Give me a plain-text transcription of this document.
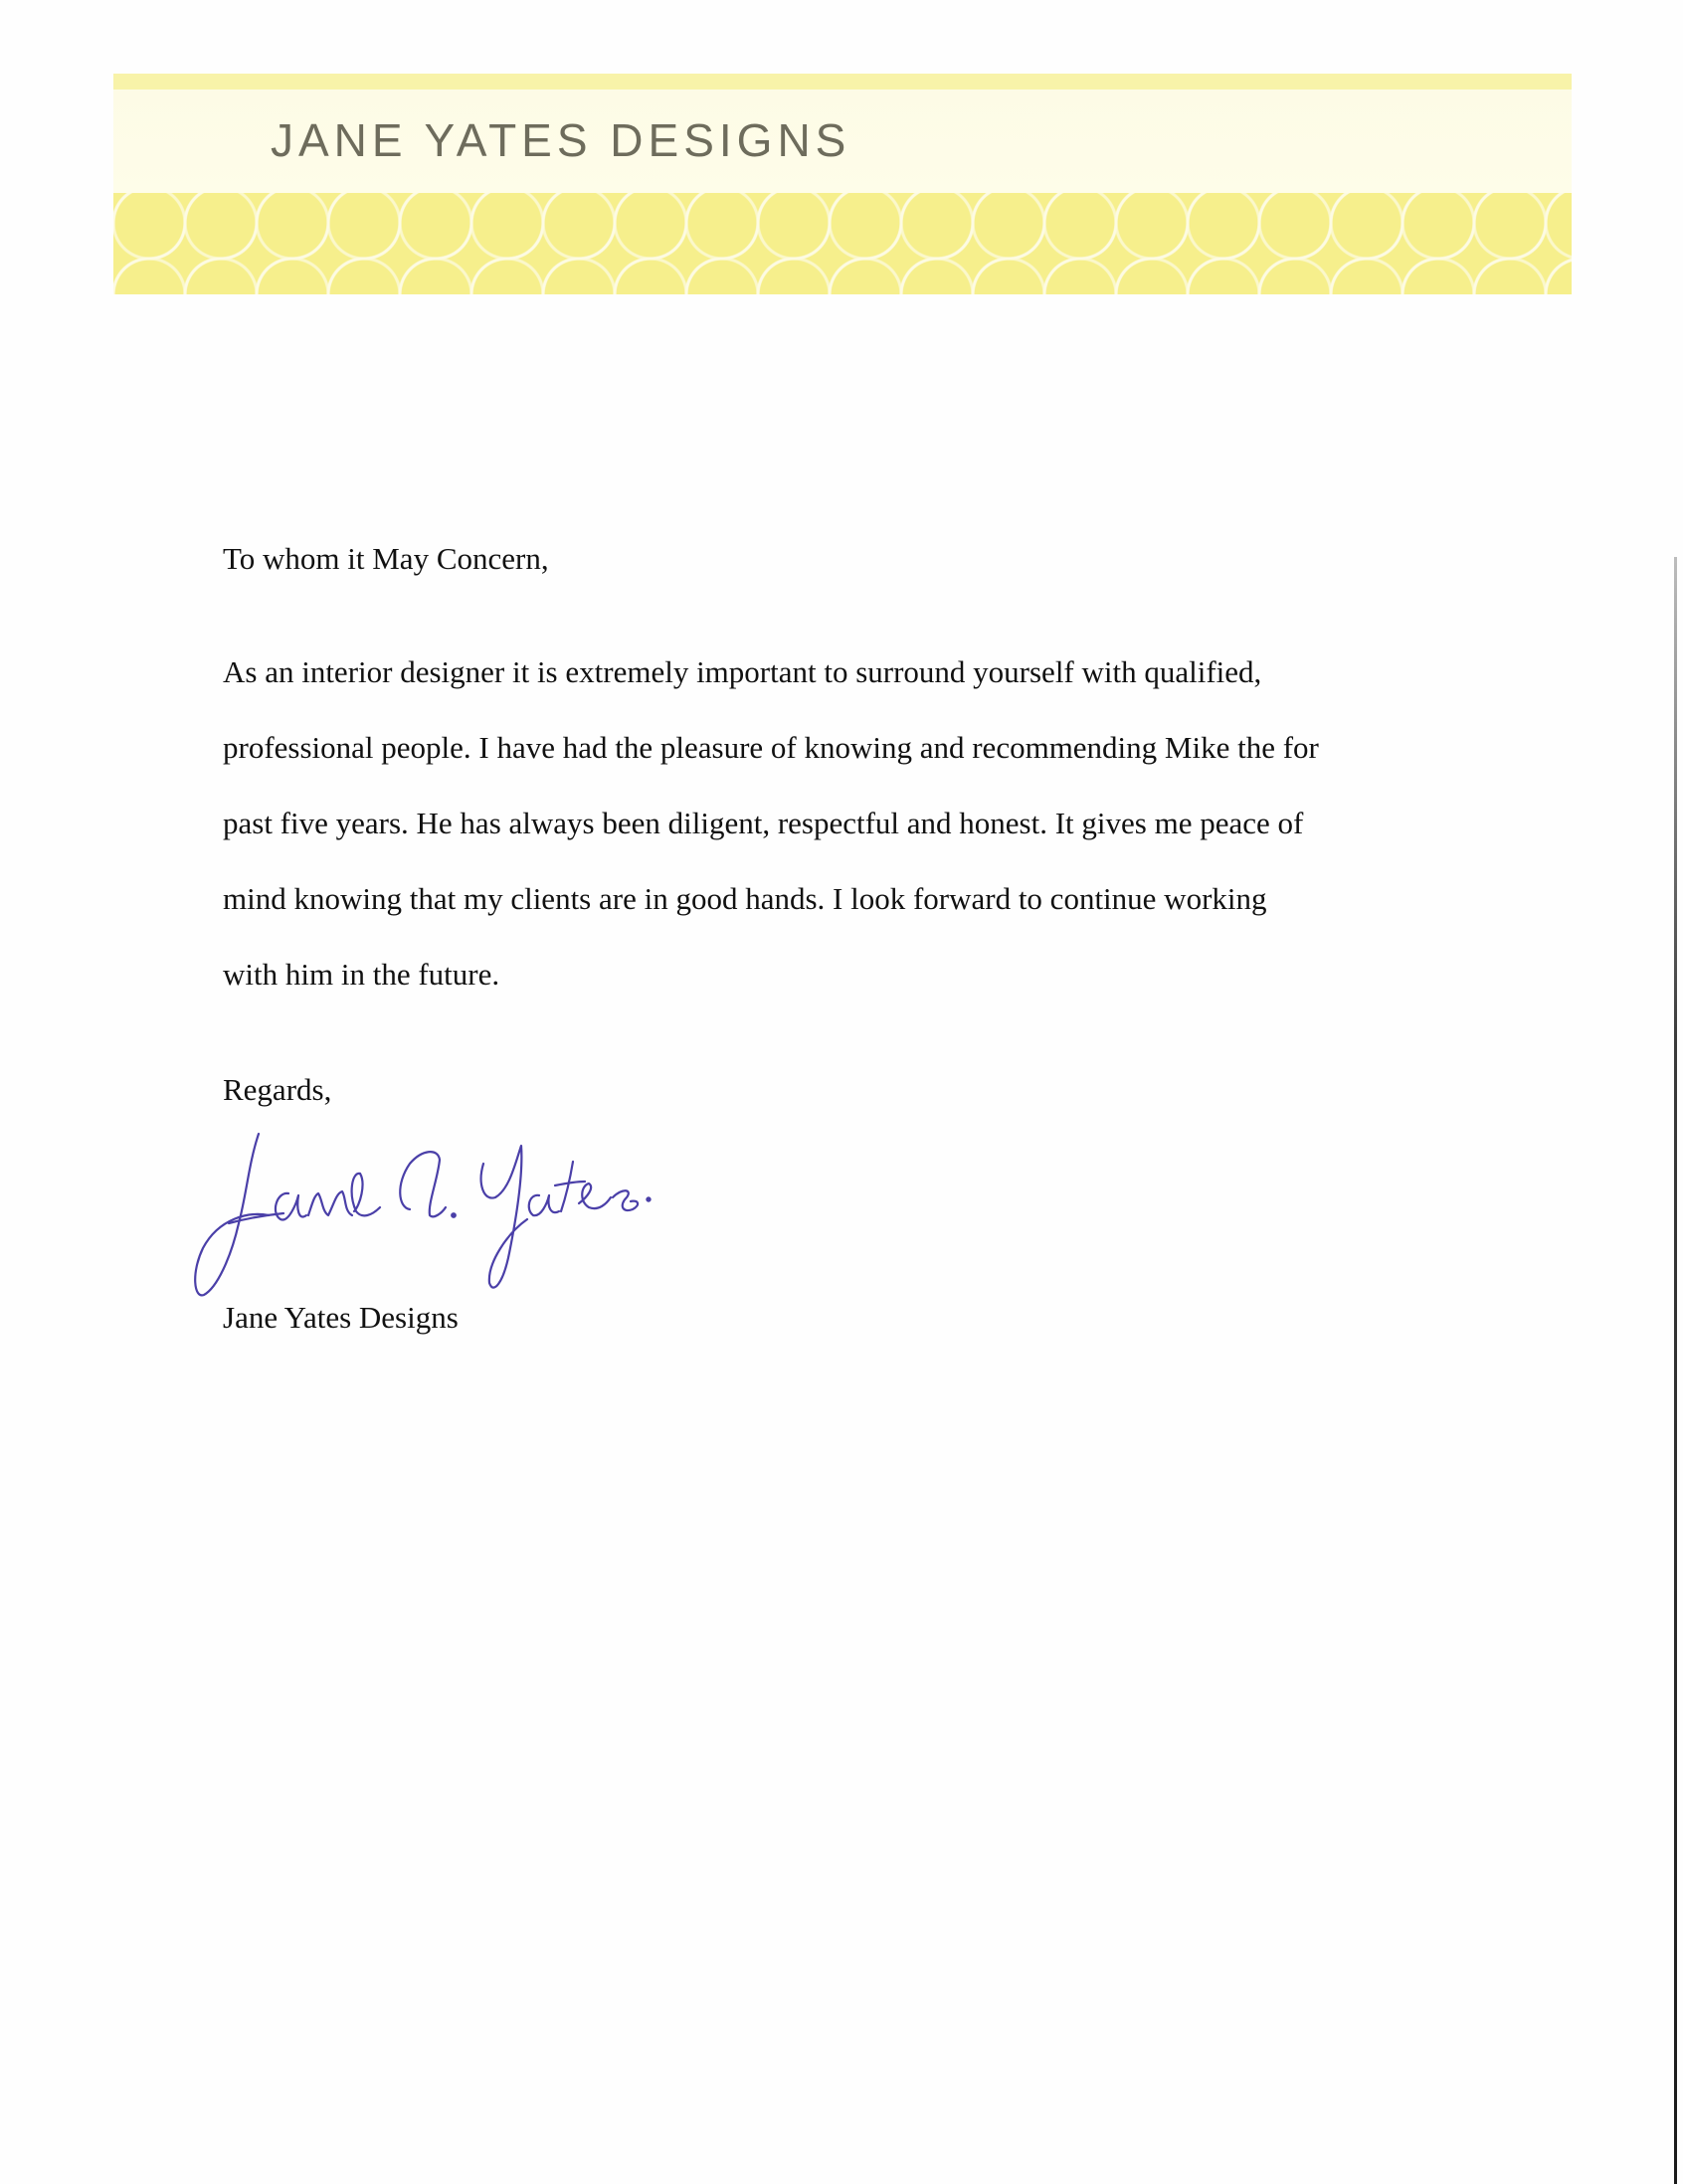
JANE YATES DESIGNS

To whom it May Concern,

As an interior designer it is extremely important to surround yourself with qualified,

professional people. I have had the pleasure of knowing and recommending Mike the for

past five years. He has always been diligent, respectful and honest. It gives me peace of

mind knowing that my clients are in good hands. I look forward to continue working

with him in the future.

Regards,

Jane Yates Designs
